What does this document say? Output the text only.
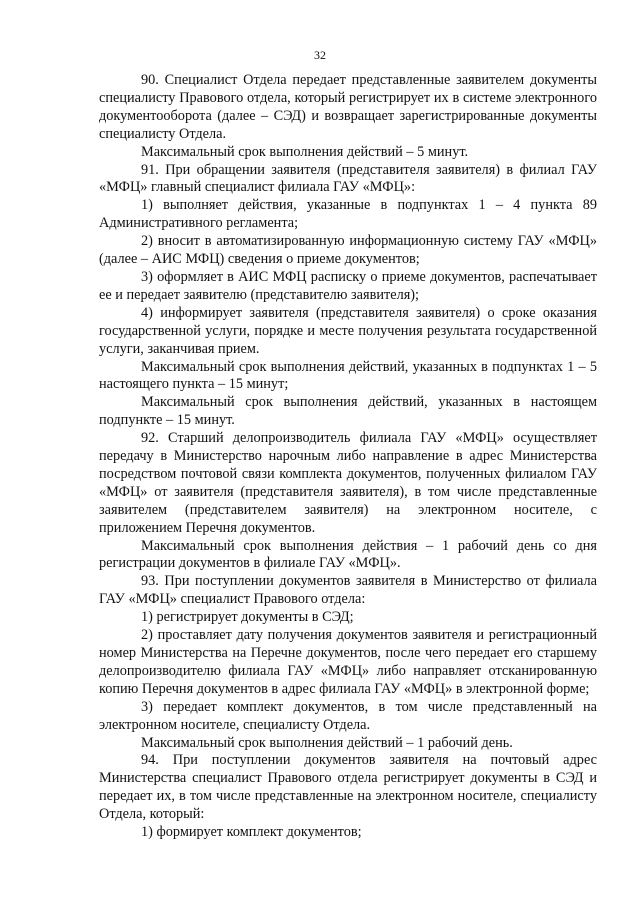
32

90. Специалист Отдела передает представленные заявителем документы специалисту Правового отдела, который регистрирует их в системе электронного документооборота (далее – СЭД) и возвращает зарегистрированные документы специалисту Отдела.

Максимальный срок выполнения действий – 5 минут.

91. При обращении заявителя (представителя заявителя) в филиал ГАУ «МФЦ» главный специалист филиала ГАУ «МФЦ»:

1) выполняет действия, указанные в подпунктах 1 – 4 пункта 89 Административного регламента;

2) вносит в автоматизированную информационную систему ГАУ «МФЦ» (далее – АИС МФЦ) сведения о приеме документов;

3) оформляет в АИС МФЦ расписку о приеме документов, распечатывает ее и передает заявителю (представителю заявителя);

4) информирует заявителя (представителя заявителя) о сроке оказания государственной услуги, порядке и месте получения результата государственной услуги, заканчивая прием.

Максимальный срок выполнения действий, указанных в подпунктах 1 – 5 настоящего пункта – 15 минут;

Максимальный срок выполнения действий, указанных в настоящем подпункте – 15 минут.

92. Старший делопроизводитель филиала ГАУ «МФЦ» осуществляет передачу в Министерство нарочным либо направление в адрес Министерства посредством почтовой связи комплекта документов, полученных филиалом ГАУ «МФЦ» от заявителя (представителя заявителя), в том числе представленные заявителем (представителем заявителя) на электронном носителе, с приложением Перечня документов.

Максимальный срок выполнения действия – 1 рабочий день со дня регистрации документов в филиале ГАУ «МФЦ».

93. При поступлении документов заявителя в Министерство от филиала ГАУ «МФЦ» специалист Правового отдела:

1) регистрирует документы в СЭД;

2) проставляет дату получения документов заявителя и регистрационный номер Министерства на Перечне документов, после чего передает его старшему делопроизводителю филиала ГАУ «МФЦ» либо направляет отсканированную копию Перечня документов в адрес филиала ГАУ «МФЦ» в электронной форме;

3) передает комплект документов, в том числе представленный на электронном носителе, специалисту Отдела.

Максимальный срок выполнения действий – 1 рабочий день.

94. При поступлении документов заявителя на почтовый адрес Министерства специалист Правового отдела регистрирует документы в СЭД и передает их, в том числе представленные на электронном носителе, специалисту Отдела, который:

1) формирует комплект документов;
